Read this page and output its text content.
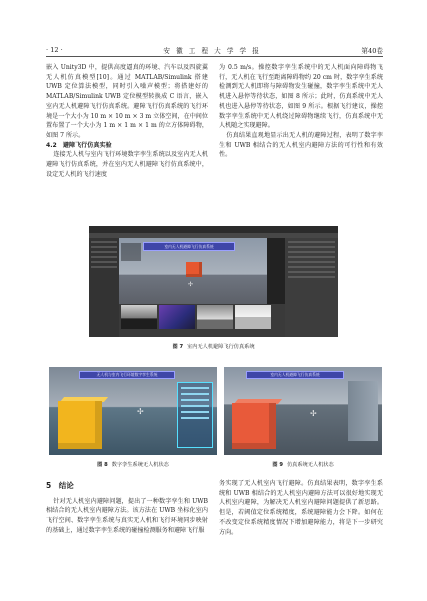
· 12 ·	安 徽 工 程 大 学 学 报	第40卷

嵌入 Unity3D 中，提供高度逼真的环境、汽车以及四旋翼无人机仿真模型[10]。通过 MATLAB/Simulink 搭建 UWB 定位算法模型，同时引入噪声模型；将搭建好的 MATLAB/Simulink UWB 定位模型转换成 C 语言，嵌入室内无人机避障飞行仿真系统。避障飞行仿真系统的飞行环境是一个大小为 10 m × 10 m × 3 m 立体空间，在中间位置布置了一个大小为 1 m × 1 m × 1 m 的立方体障碍物，如图 7 所示。

4.2　避障飞行仿真实验

连接无人机与室内飞行环境数字孪生系统以及室内无人机避障飞行仿真系统，并在室内无人机避障飞行仿真系统中，设定无人机的飞行速度

为 0.5 m/s。操控数字孪生系统中的无人机面向障碍物飞行，无人机在飞行至距离障碍物约 20 cm 时，数字孪生系统检测到无人机即将与障碍物发生碰撞，数字孪生系统中无人机进入悬停等待状态，如图 8 所示；此时，仿真系统中无人机也进入悬停等待状态，如图 9 所示。根据飞行建议，操控数字孪生系统中无人机绕过障碍物继续飞行，仿真系统中无人机随之实现避障。

仿真结果直观地显示出无人机的避障过程，表明了数字孪生和 UWB 相结合的无人机室内避障方法的可行性和有效性。

室内无人机避障飞行仿真系统
✢
图 7 室内无人机避障飞行仿真系统
无人机与室内飞行环境数字孪生系统
✢
室内无人机避障飞行仿真系统
✢
图 8 数字孪生系统无人机状态	图 9 仿真系统无人机状态
5　结论

针对无人机室内避障问题，提出了一种数字孪生和 UWB 相结合的无人机室内避障方法。该方法在 UWB 坐标化室内飞行空间、数字孪生系统与真实无人机和飞行环境同步映射的基础上，通过数字孪生系统的碰撞检测服务和避障飞行服

务实现了无人机室内飞行避障。仿真结果表明，数字孪生系统和 UWB 相结合的无人机室内避障方法可以很好地实现无人机室内避障，为解决无人机室内避障问题提供了新思路。但是，若阈值定位系统精度，系统避障能力会下降。如何在不改变定位系统精度情况下增加避障能力，将是下一步研究方向。
